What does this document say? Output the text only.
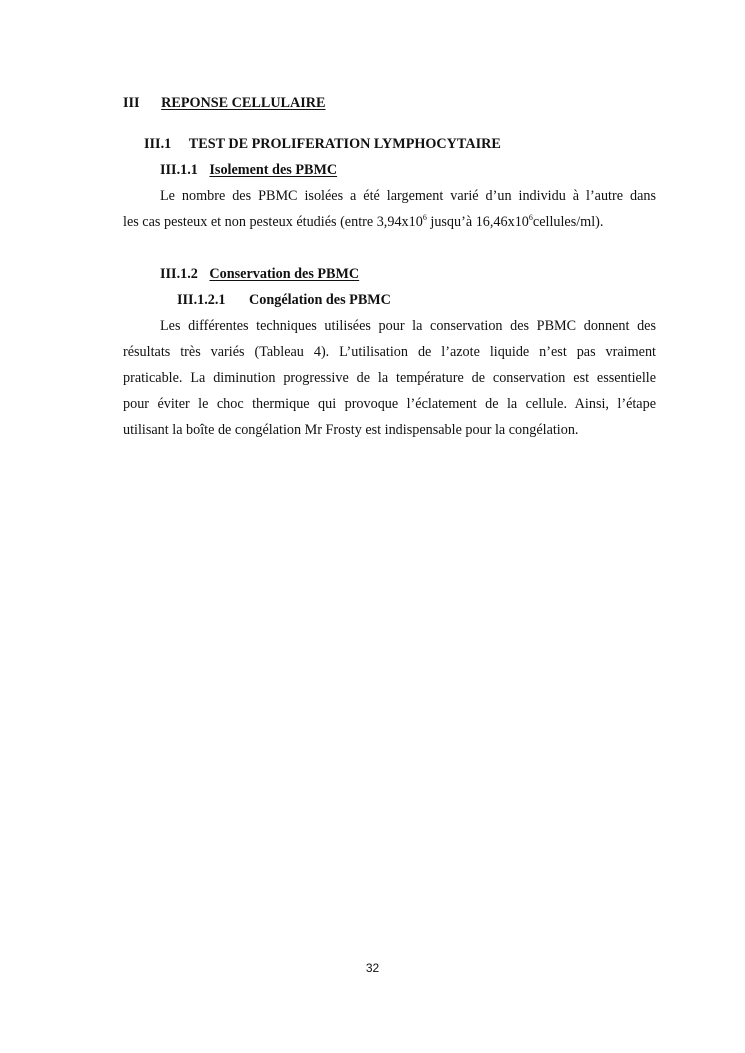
III REPONSE CELLULAIRE
III.1 TEST DE PROLIFERATION LYMPHOCYTAIRE
III.1.1 Isolement des PBMC
Le nombre des PBMC isolées a été largement varié d’un individu à l’autre dans
les cas pesteux et non pesteux étudiés (entre $3,94x10^6$ jusqu’à $16,46x10^6cellules/ml$).
III.1.2 Conservation des PBMC
III.1.2.1 Congélation des PBMC
Les différentes techniques utilisées pour la conservation des PBMC donnent des
résultats très variés (Tableau 4). L’utilisation de l’azote liquide n’est pas vraiment
praticable. La diminution progressive de la température de conservation est essentielle
pour éviter le choc thermique qui provoque l’éclatement de la cellule. Ainsi, l’étape
utilisant la boîte de congélation Mr Frosty est indispensable pour la congélation.
32
